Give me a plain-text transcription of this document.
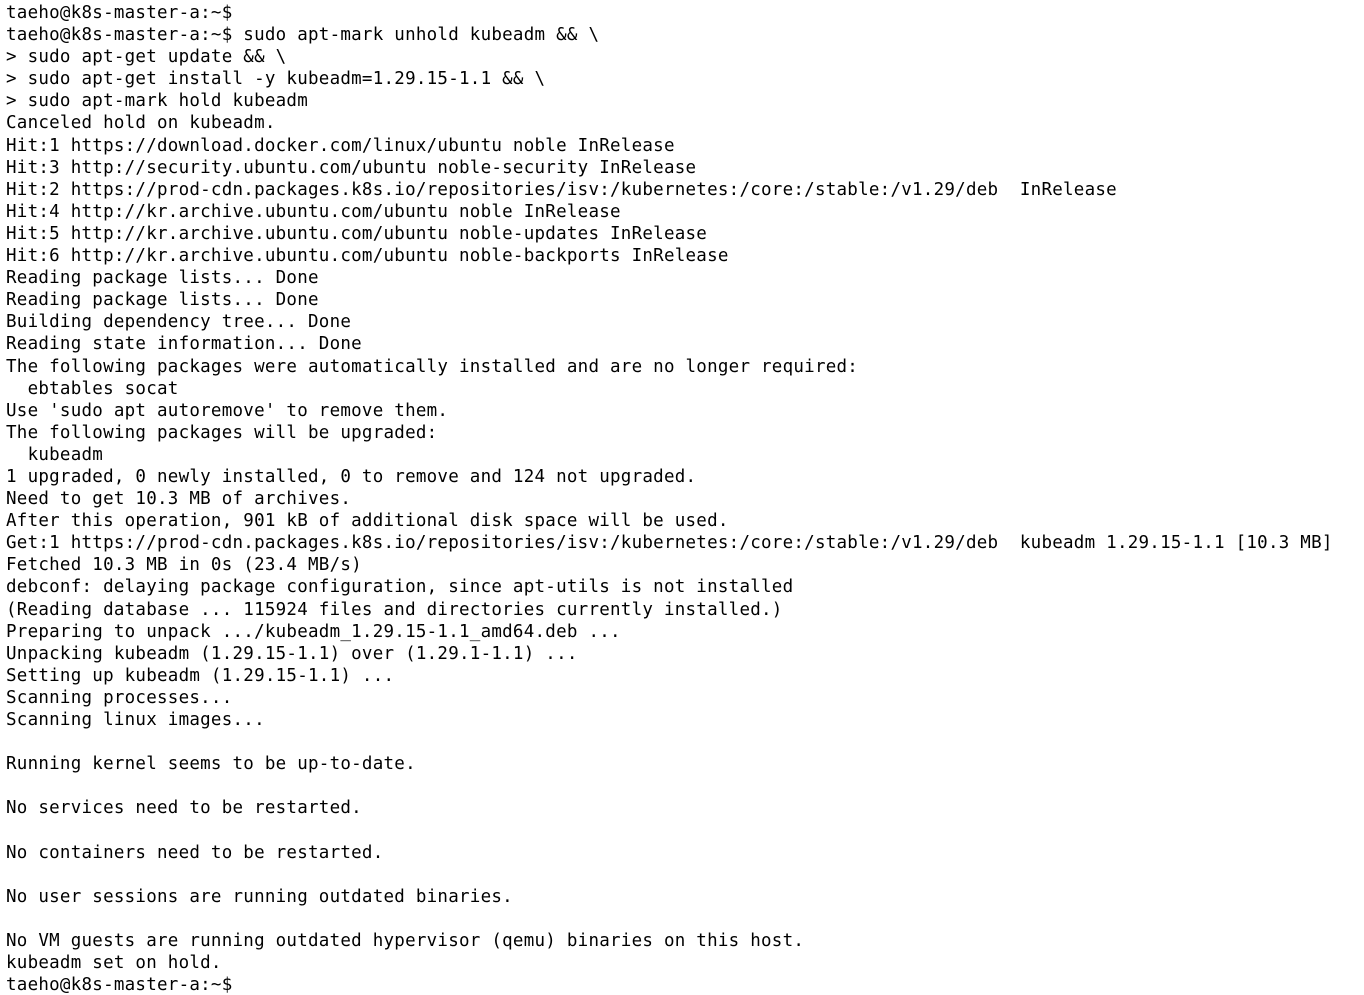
taeho@k8s-master-a:~$
taeho@k8s-master-a:~$ sudo apt-mark unhold kubeadm && \
> sudo apt-get update && \
> sudo apt-get install -y kubeadm=1.29.15-1.1 && \
> sudo apt-mark hold kubeadm
Canceled hold on kubeadm.
Hit:1 https://download.docker.com/linux/ubuntu noble InRelease
Hit:3 http://security.ubuntu.com/ubuntu noble-security InRelease
Hit:2 https://prod-cdn.packages.k8s.io/repositories/isv:/kubernetes:/core:/stable:/v1.29/deb  InRelease
Hit:4 http://kr.archive.ubuntu.com/ubuntu noble InRelease
Hit:5 http://kr.archive.ubuntu.com/ubuntu noble-updates InRelease
Hit:6 http://kr.archive.ubuntu.com/ubuntu noble-backports InRelease
Reading package lists... Done
Reading package lists... Done
Building dependency tree... Done
Reading state information... Done
The following packages were automatically installed and are no longer required:
ebtables socat
Use 'sudo apt autoremove' to remove them.
The following packages will be upgraded:
kubeadm
1 upgraded, 0 newly installed, 0 to remove and 124 not upgraded.
Need to get 10.3 MB of archives.
After this operation, 901 kB of additional disk space will be used.
Get:1 https://prod-cdn.packages.k8s.io/repositories/isv:/kubernetes:/core:/stable:/v1.29/deb  kubeadm 1.29.15-1.1 [10.3 MB]
Fetched 10.3 MB in 0s (23.4 MB/s)
debconf: delaying package configuration, since apt-utils is not installed
(Reading database ... 115924 files and directories currently installed.)
Preparing to unpack .../kubeadm_1.29.15-1.1_amd64.deb ...
Unpacking kubeadm (1.29.15-1.1) over (1.29.1-1.1) ...
Setting up kubeadm (1.29.15-1.1) ...
Scanning processes...
Scanning linux images...

Running kernel seems to be up-to-date.

No services need to be restarted.

No containers need to be restarted.

No user sessions are running outdated binaries.

No VM guests are running outdated hypervisor (qemu) binaries on this host.
kubeadm set on hold.
taeho@k8s-master-a:~$
